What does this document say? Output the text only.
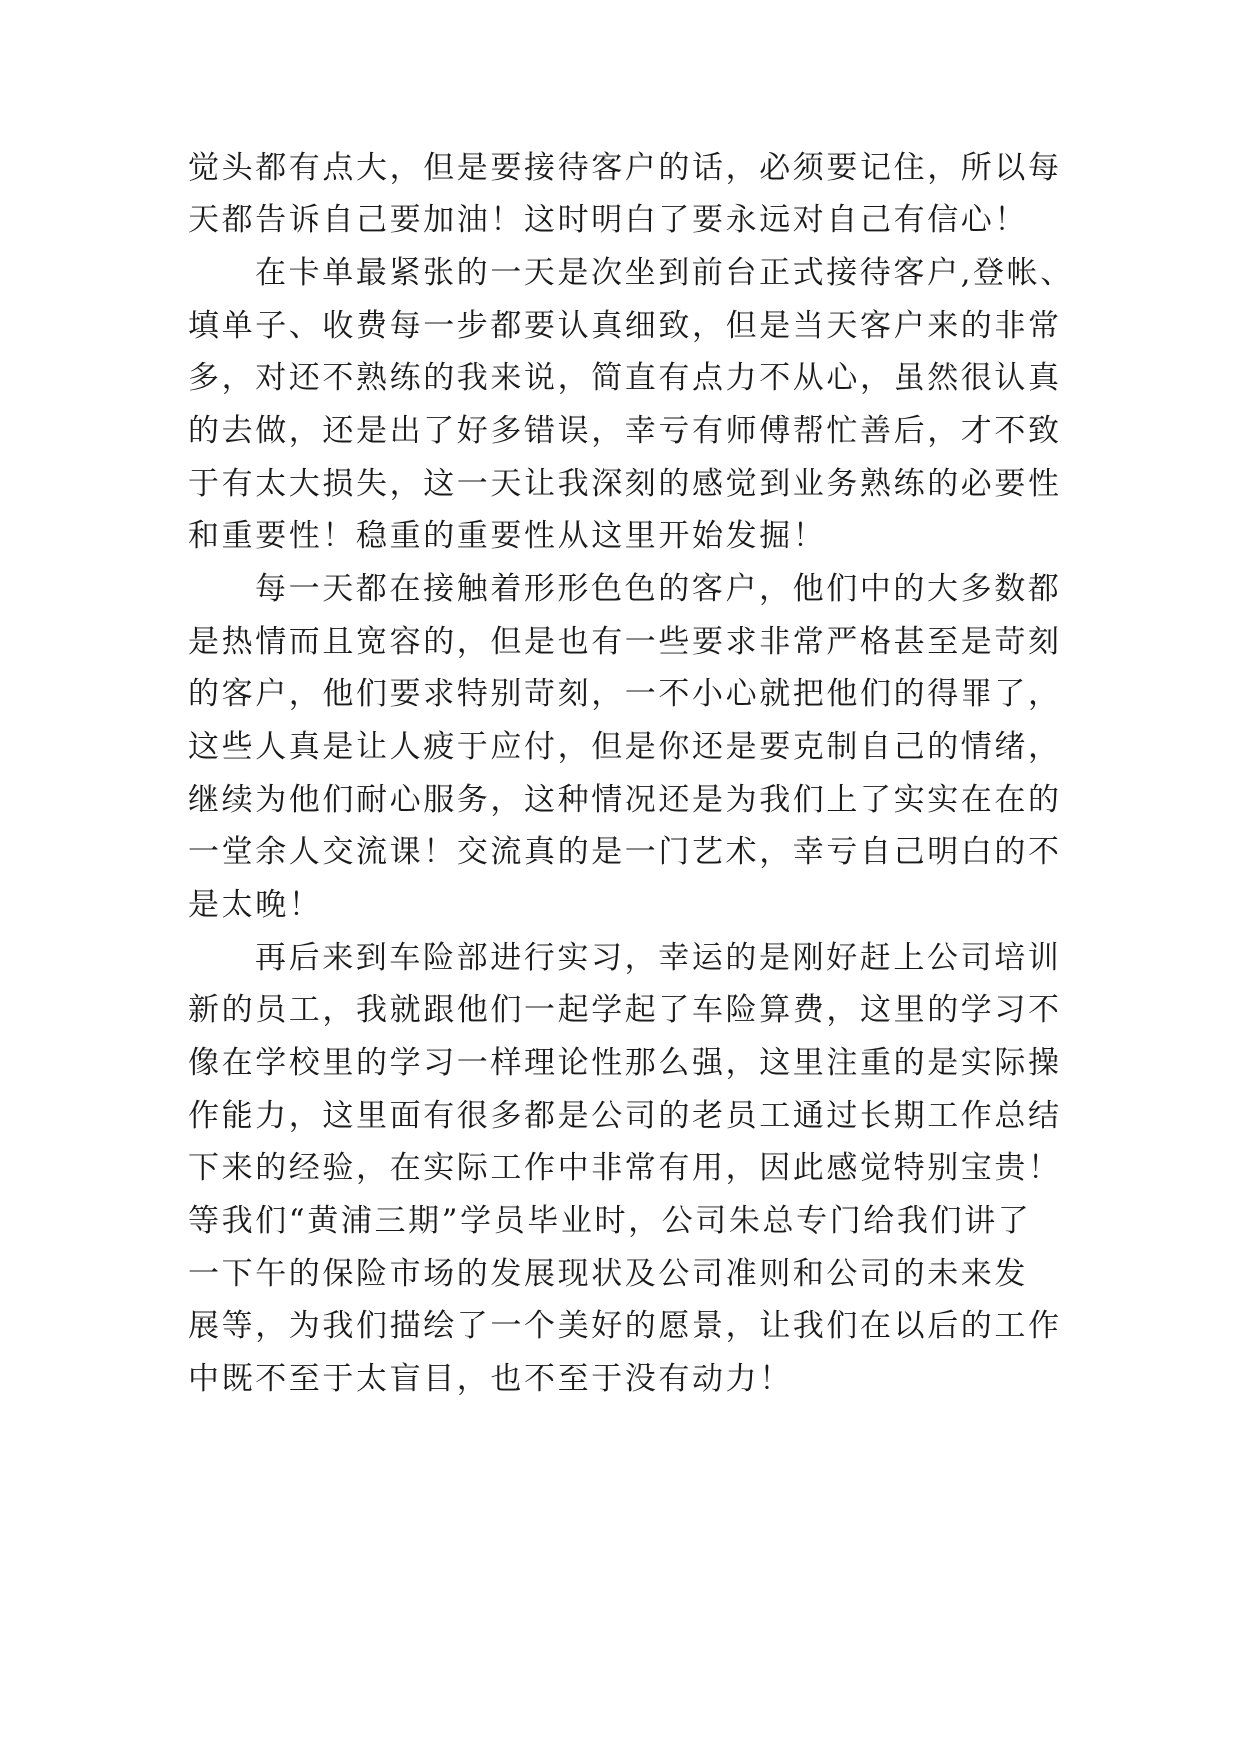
觉头都有点大，但是要接待客户的话，必须要记住，所以每
天都告诉自己要加油！这时明白了要永远对自己有信心！
在卡单最紧张的一天是次坐到前台正式接待客户,登帐、
填单子、收费每一步都要认真细致，但是当天客户来的非常
多，对还不熟练的我来说，简直有点力不从心，虽然很认真
的去做，还是出了好多错误，幸亏有师傅帮忙善后，才不致
于有太大损失，这一天让我深刻的感觉到业务熟练的必要性
和重要性！稳重的重要性从这里开始发掘！
每一天都在接触着形形色色的客户，他们中的大多数都
是热情而且宽容的，但是也有一些要求非常严格甚至是苛刻
的客户，他们要求特别苛刻，一不小心就把他们的得罪了，
这些人真是让人疲于应付，但是你还是要克制自己的情绪，
继续为他们耐心服务，这种情况还是为我们上了实实在在的
一堂余人交流课！交流真的是一门艺术，幸亏自己明白的不
是太晚！
再后来到车险部进行实习，幸运的是刚好赶上公司培训
新的员工，我就跟他们一起学起了车险算费，这里的学习不
像在学校里的学习一样理论性那么强，这里注重的是实际操
作能力，这里面有很多都是公司的老员工通过长期工作总结
下来的经验，在实际工作中非常有用，因此感觉特别宝贵！
等我们“黄浦三期”学员毕业时，公司朱总专门给我们讲了
一下午的保险市场的发展现状及公司准则和公司的未来发
展等，为我们描绘了一个美好的愿景，让我们在以后的工作
中既不至于太盲目，也不至于没有动力！
